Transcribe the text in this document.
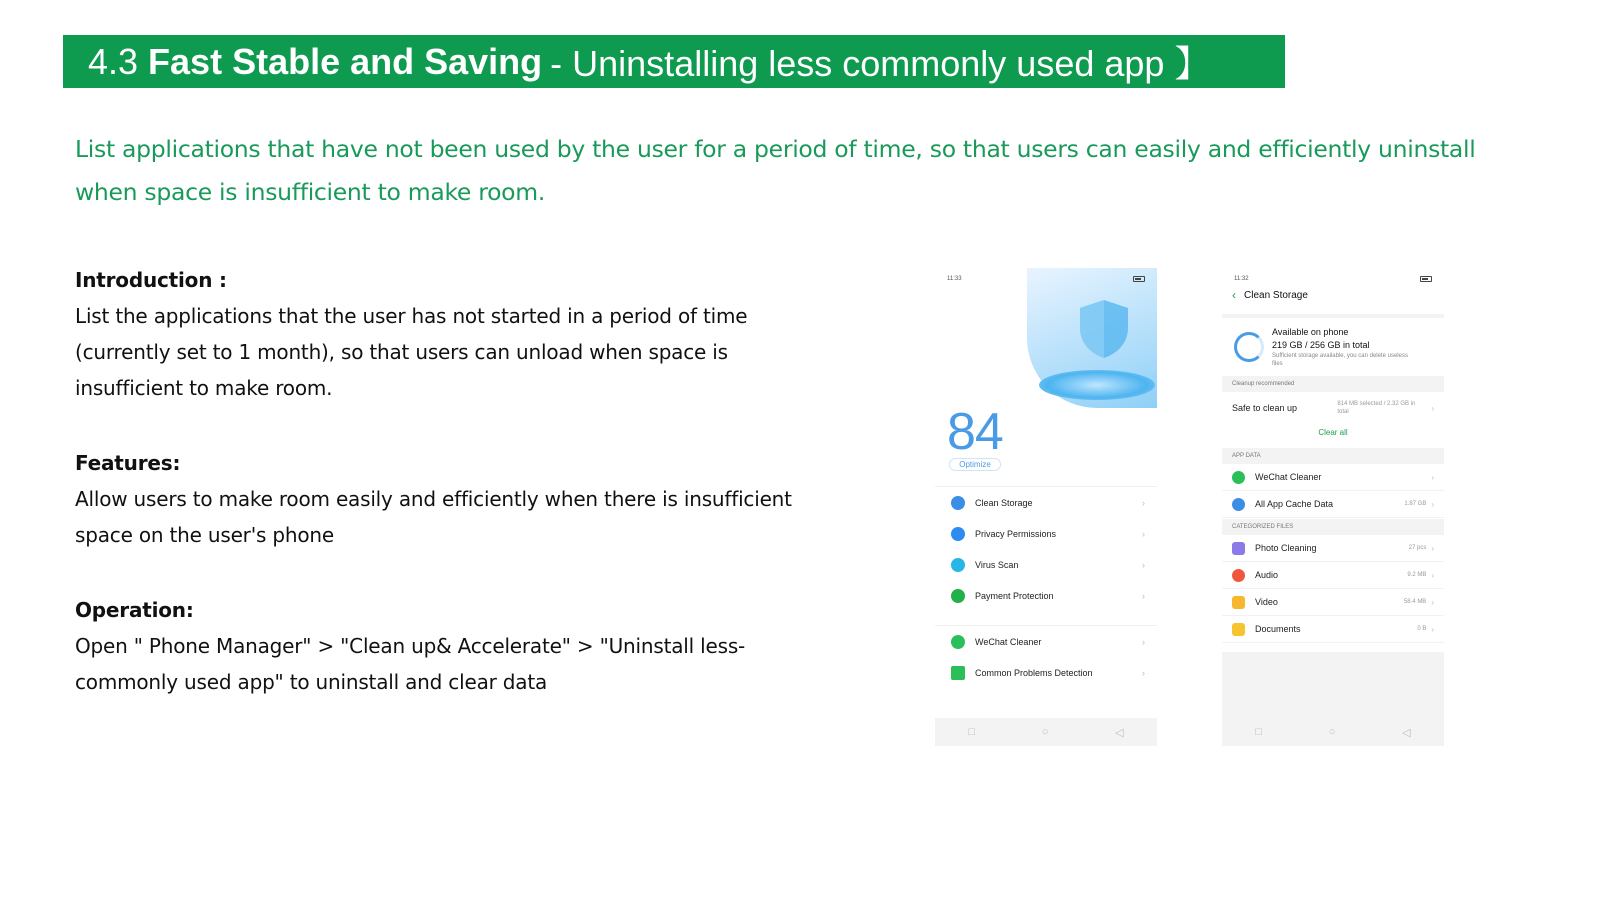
4.3 Fast Stable and Saving - Uninstalling less commonly used app 】

List applications that have not been used by the user for a period of time, so that users can easily and efficiently uninstall when space is insufficient to make room.

Introduction :

List the applications that the user has not started in a period of time (currently set to 1 month), so that users can unload when space is insufficient to make room.

Features:

Allow users to make room easily and efficiently when there is insufficient space on the user's phone

Operation:

Open " Phone Manager" > "Clean up& Accelerate" > "Uninstall less-commonly used app" to uninstall and clear data

11:33
84
Optimize
Clean Storage	›
Privacy Permissions	›
Virus Scan	›
Payment Protection	›
WeChat Cleaner	›
Common Problems Detection	›
□	○	◁
11:32
‹ Clean Storage
Available on phone
219 GB / 256 GB in total
Sufficient storage available, you can delete useless files
Cleanup recommended
Safe to clean up	814 MB selected / 2.32 GB in total	›
Clear all
APP DATA
WeChat Cleaner	›
All App Cache Data	1.87 GB ›
CATEGORIZED FILES
Photo Cleaning	27 pcs ›
Audio	9.2 MB ›
Video	58.4 MB ›
Documents	0 B ›
□	○	◁
